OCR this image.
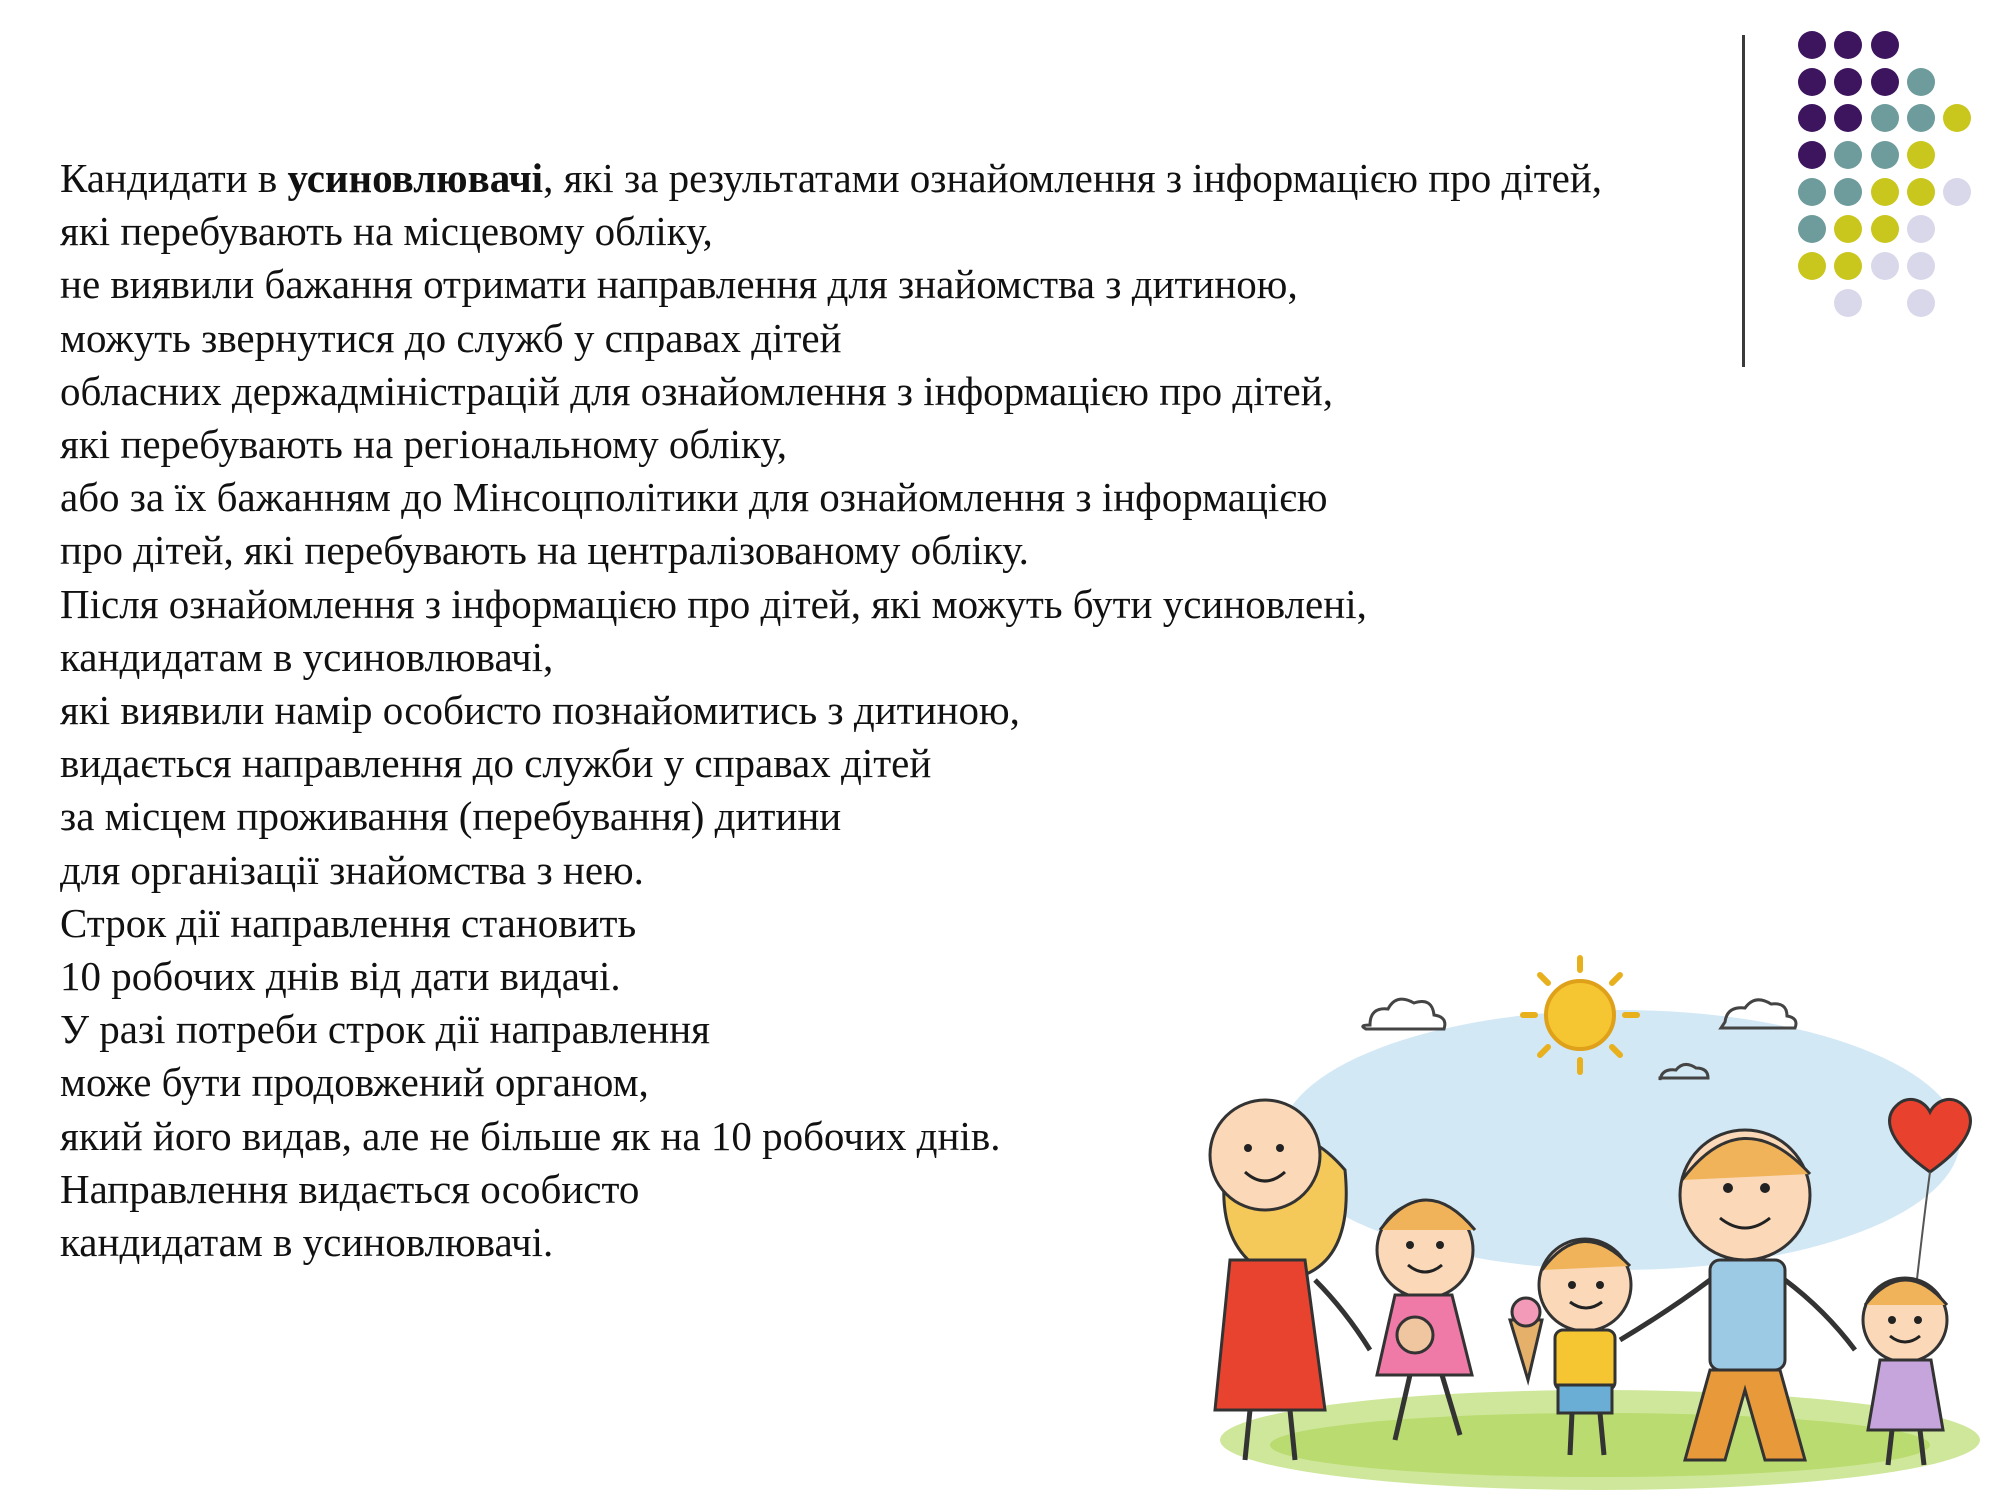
Кандидати в усиновлювачі, які за результатами ознайомлення з інформацією про дітей,
які перебувають на місцевому обліку,
не виявили бажання отримати направлення для знайомства з дитиною,
можуть звернутися до служб у справах дітей
обласних держадміністрацій для ознайомлення з інформацією про дітей,
які перебувають на регіональному обліку,
або за їх бажанням до Мінсоцполітики для ознайомлення з інформацією
про дітей, які перебувають на централізованому обліку.
Після ознайомлення з інформацією про дітей, які можуть бути усиновлені,
кандидатам в усиновлювачі,
які виявили намір особисто познайомитись з дитиною,
видається направлення до служби у справах дітей
за місцем проживання (перебування) дитини
для організації знайомства з нею.
Строк дії направлення становить
10 робочих днів від дати видачі.
У разі потреби строк дії направлення
може бути продовжений органом,
який його видав, але не більше як на 10 робочих днів.
Направлення видається особисто
кандидатам в усиновлювачі.
